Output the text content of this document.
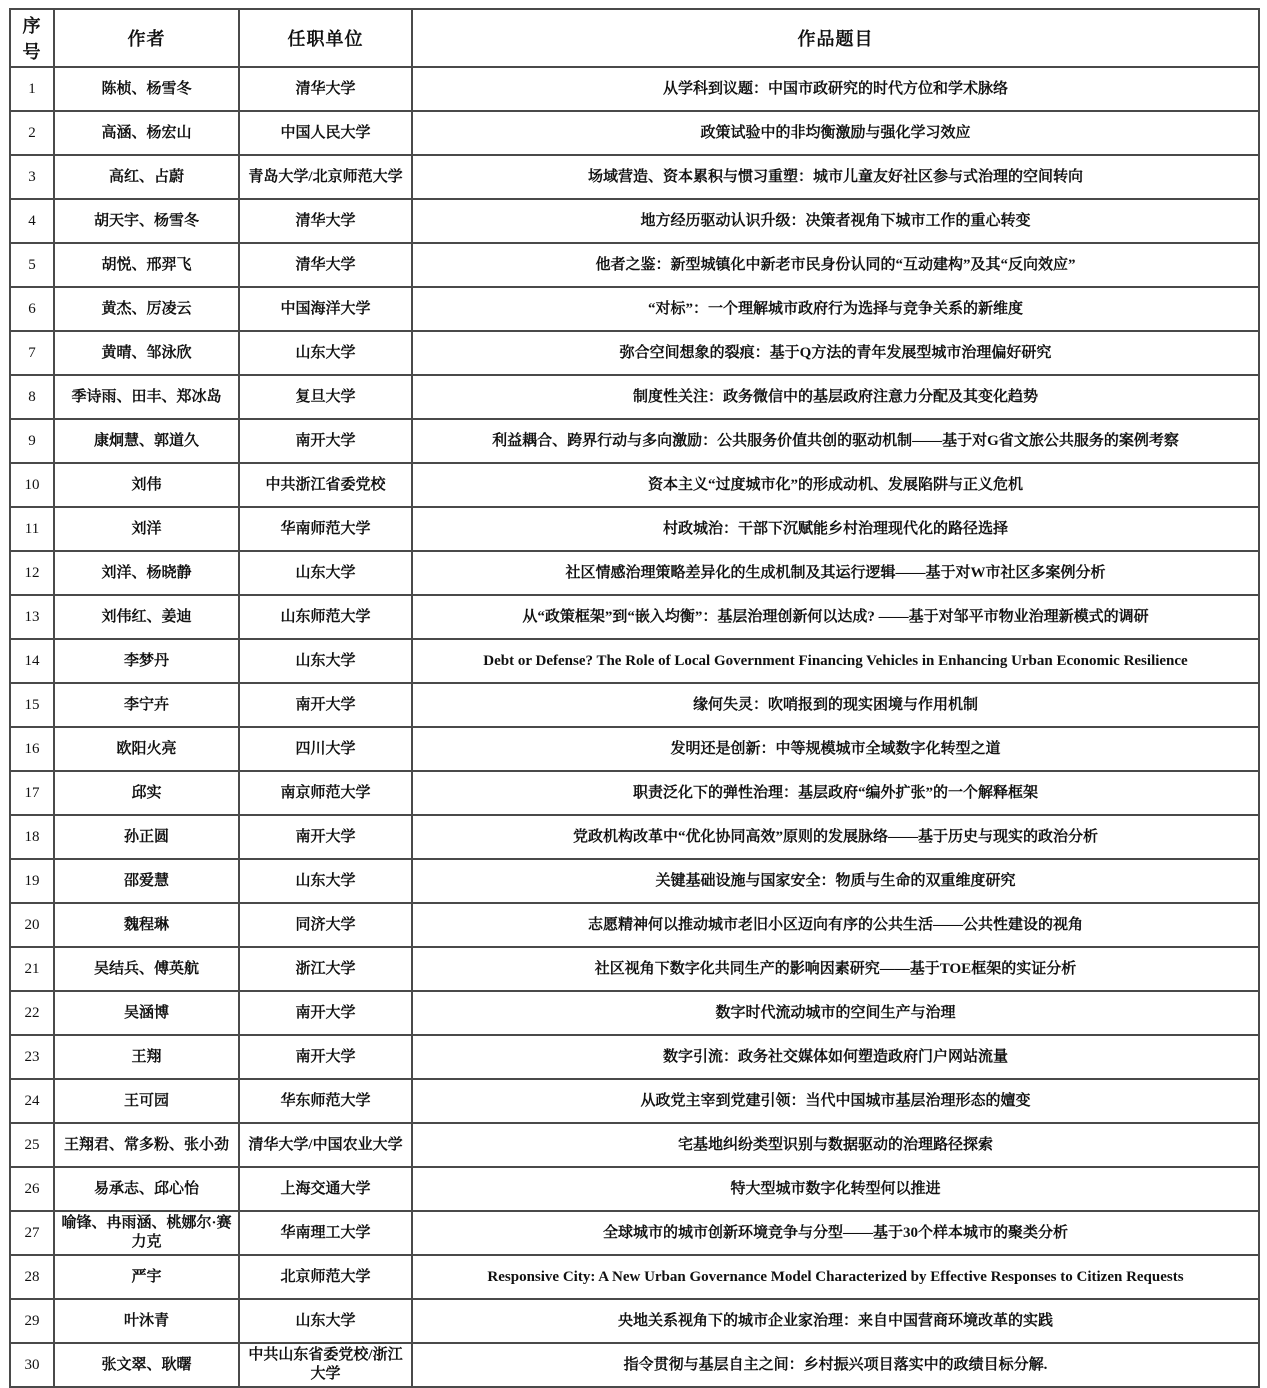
序号	作者	任职单位	作品题目
1	陈桢、杨雪冬	清华大学	从学科到议题：中国市政研究的时代方位和学术脉络
2	高涵、杨宏山	中国人民大学	政策试验中的非均衡激励与强化学习效应
3	高红、占蔚	青岛大学/北京师范大学	场域营造、资本累积与惯习重塑：城市儿童友好社区参与式治理的空间转向
4	胡天宇、杨雪冬	清华大学	地方经历驱动认识升级：决策者视角下城市工作的重心转变
5	胡悦、邢羿飞	清华大学	他者之鉴：新型城镇化中新老市民身份认同的“互动建构”及其“反向效应”
6	黄杰、厉凌云	中国海洋大学	“对标”：一个理解城市政府行为选择与竞争关系的新维度
7	黄晴、邹泳欣	山东大学	弥合空间想象的裂痕：基于Q方法的青年发展型城市治理偏好研究
8	季诗雨、田丰、郑冰岛	复旦大学	制度性关注：政务微信中的基层政府注意力分配及其变化趋势
9	康炯慧、郭道久	南开大学	利益耦合、跨界行动与多向激励：公共服务价值共创的驱动机制——基于对G省文旅公共服务的案例考察
10	刘伟	中共浙江省委党校	资本主义“过度城市化”的形成动机、发展陷阱与正义危机
11	刘洋	华南师范大学	村政城治：干部下沉赋能乡村治理现代化的路径选择
12	刘洋、杨晓静	山东大学	社区情感治理策略差异化的生成机制及其运行逻辑——基于对W市社区多案例分析
13	刘伟红、姜迪	山东师范大学	从“政策框架”到“嵌入均衡”：基层治理创新何以达成? ——基于对邹平市物业治理新模式的调研
14	李梦丹	山东大学	Debt or Defense? The Role of Local Government Financing Vehicles in Enhancing Urban Economic Resilience
15	李宁卉	南开大学	缘何失灵：吹哨报到的现实困境与作用机制
16	欧阳火亮	四川大学	发明还是创新：中等规模城市全域数字化转型之道
17	邱实	南京师范大学	职责泛化下的弹性治理：基层政府“编外扩张”的一个解释框架
18	孙正圆	南开大学	党政机构改革中“优化协同高效”原则的发展脉络——基于历史与现实的政治分析
19	邵爱慧	山东大学	关键基础设施与国家安全：物质与生命的双重维度研究
20	魏程琳	同济大学	志愿精神何以推动城市老旧小区迈向有序的公共生活——公共性建设的视角
21	吴结兵、傅英航	浙江大学	社区视角下数字化共同生产的影响因素研究——基于TOE框架的实证分析
22	吴涵博	南开大学	数字时代流动城市的空间生产与治理
23	王翔	南开大学	数字引流：政务社交媒体如何塑造政府门户网站流量
24	王可园	华东师范大学	从政党主宰到党建引领：当代中国城市基层治理形态的嬗变
25	王翔君、常多粉、张小劲	清华大学/中国农业大学	宅基地纠纷类型识别与数据驱动的治理路径探索
26	易承志、邱心怡	上海交通大学	特大型城市数字化转型何以推进
27	喻锋、冉雨涵、桃娜尔·赛力克	华南理工大学	全球城市的城市创新环境竞争与分型——基于30个样本城市的聚类分析
28	严宇	北京师范大学	Responsive City: A New Urban Governance Model Characterized by Effective Responses to Citizen Requests
29	叶沐青	山东大学	央地关系视角下的城市企业家治理：来自中国营商环境改革的实践
30	张文翠、耿曙	中共山东省委党校/浙江大学	指令贯彻与基层自主之间：乡村振兴项目落实中的政绩目标分解.
